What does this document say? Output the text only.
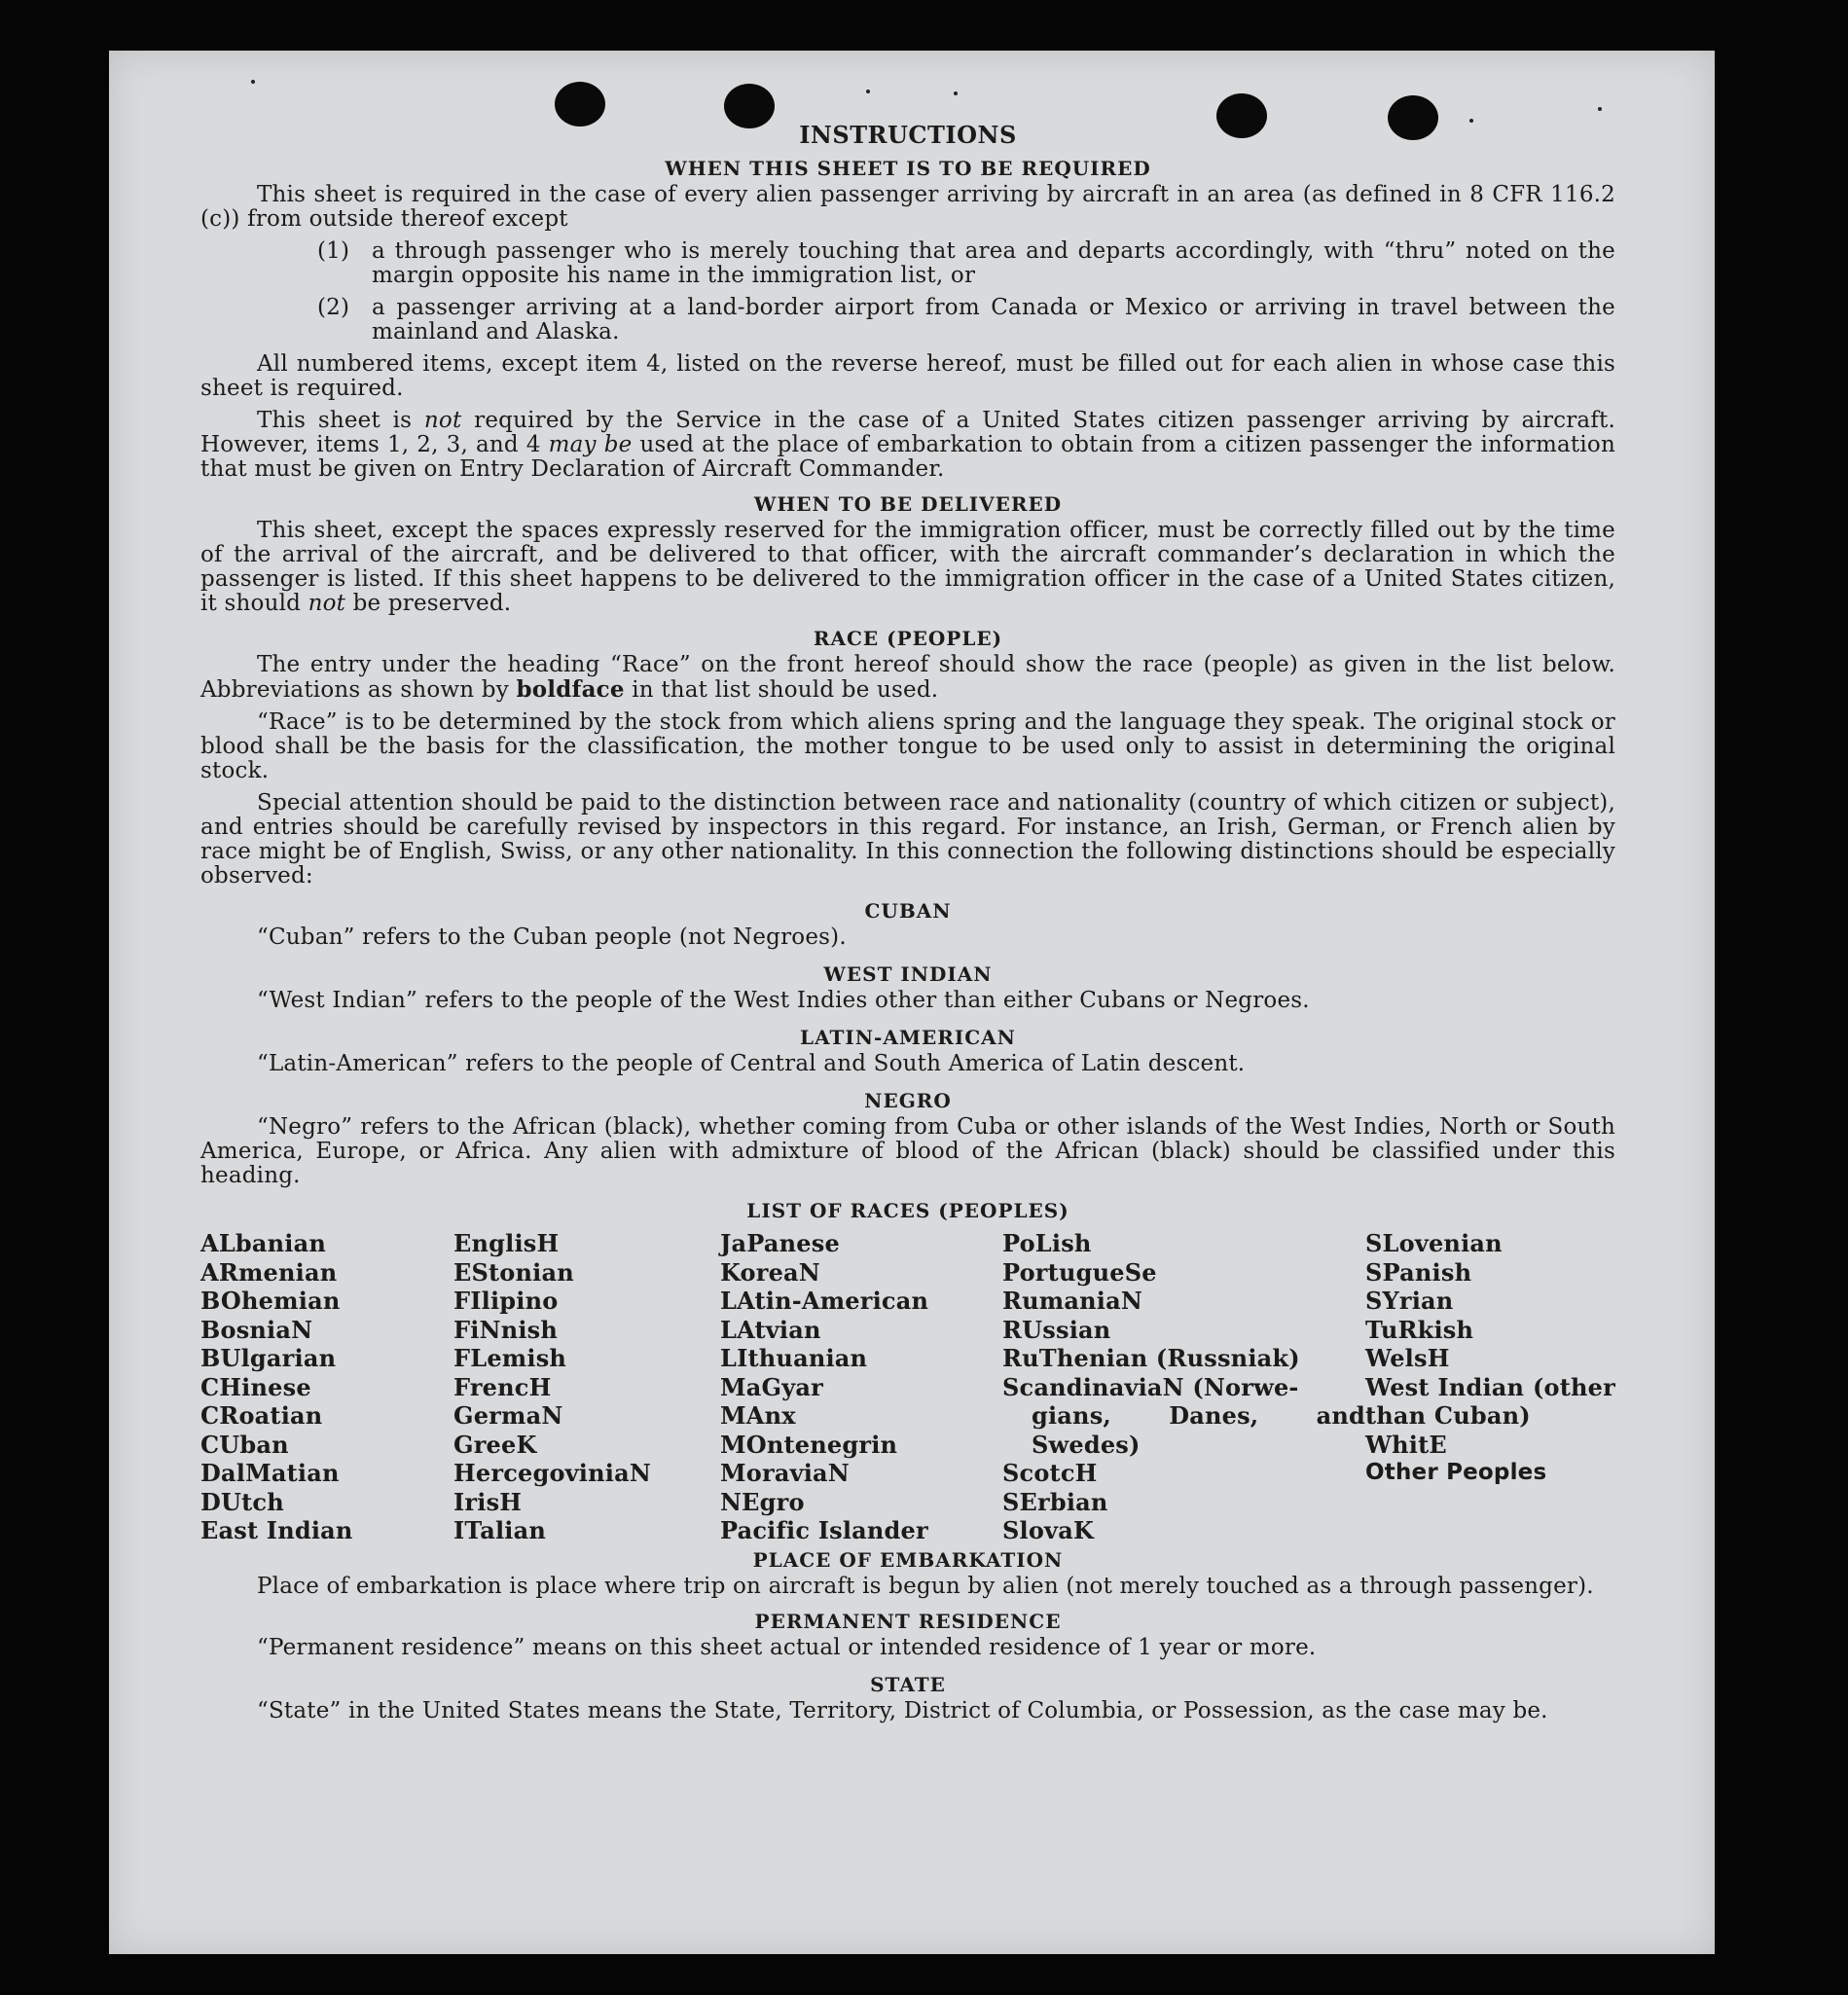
INSTRUCTIONS
WHEN THIS SHEET IS TO BE REQUIRED

This sheet is required in the case of every alien passenger arriving by aircraft in an area (as defined in 8 CFR 116.2 (c)) from outside thereof except

(1) a through passenger who is merely touching that area and departs accordingly, with “thru” noted on the margin opposite his name in the immigration list, or
(2) a passenger arriving at a land-border airport from Canada or Mexico or arriving in travel between the mainland and Alaska.

All numbered items, except item 4, listed on the reverse hereof, must be filled out for each alien in whose case this sheet is required.

This sheet is not required by the Service in the case of a United States citizen passenger arriving by aircraft. However, items 1, 2, 3, and 4 may be used at the place of embarkation to obtain from a citizen passenger the information that must be given on Entry Declaration of Aircraft Commander.

WHEN TO BE DELIVERED

This sheet, except the spaces expressly reserved for the immigration officer, must be correctly filled out by the time of the arrival of the aircraft, and be delivered to that officer, with the aircraft commander’s declaration in which the passenger is listed. If this sheet happens to be delivered to the immigration officer in the case of a United States citizen, it should not be preserved.

RACE (PEOPLE)

The entry under the heading “Race” on the front hereof should show the race (people) as given in the list below. Abbreviations as shown by boldface in that list should be used.

“Race” is to be determined by the stock from which aliens spring and the language they speak. The original stock or blood shall be the basis for the classification, the mother tongue to be used only to assist in determining the original stock.

Special attention should be paid to the distinction between race and nationality (country of which citizen or subject), and entries should be carefully revised by inspectors in this regard. For instance, an Irish, German, or French alien by race might be of English, Swiss, or any other nationality. In this connection the following distinctions should be especially observed:

CUBAN

“Cuban” refers to the Cuban people (not Negroes).

WEST INDIAN

“West Indian” refers to the people of the West Indies other than either Cubans or Negroes.

LATIN-AMERICAN

“Latin-American” refers to the people of Central and South America of Latin descent.

NEGRO

“Negro” refers to the African (black), whether coming from Cuba or other islands of the West Indies, North or South America, Europe, or Africa. Any alien with admixture of blood of the African (black) should be classified under this heading.

LIST OF RACES (PEOPLES)
ALbanian
ARmenian
BOhemian
BosniaN
BUlgarian
CHinese
CRoatian
CUban
DalMatian
DUtch
East Indian
EnglisH
EStonian
FIlipino
FiNnish
FLemish
FrencH
GermaN
GreeK
HercegoviniaN
IrisH
ITalian
JaPanese
KoreaN
LAtin-American
LAtvian
LIthuanian
MaGyar
MAnx
MOntenegrin
MoraviaN
NEgro
Pacific Islander
PoLish
PortugueSe
RumaniaN
RUssian
RuThenian (Russniak)
ScandinaviaN (Norwe-
gians, Danes, and Swedes)
ScotcH
SErbian
SlovaK
SLovenian
SPanish
SYrian
TuRkish
WelsH
West Indian (other than Cuban)
WhitE
Other Peoples
PLACE OF EMBARKATION

Place of embarkation is place where trip on aircraft is begun by alien (not merely touched as a through passenger).

PERMANENT RESIDENCE

“Permanent residence” means on this sheet actual or intended residence of 1 year or more.

STATE

“State” in the United States means the State, Territory, District of Columbia, or Possession, as the case may be.
